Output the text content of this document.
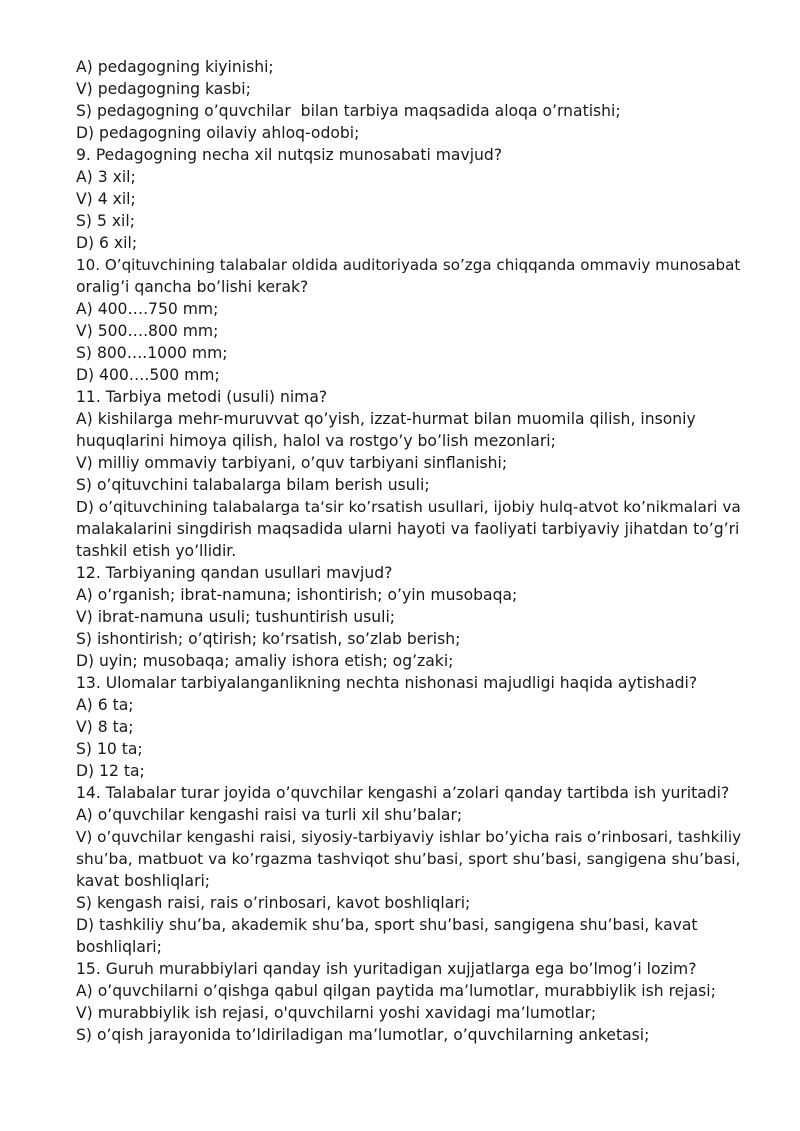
A) pedagogning kiyinishi;
V) pedagogning kasbi;
S) pedagogning o’quvchilar  bilan tarbiya maqsadida aloqa o’rnatishi;
D) pedagogning oilaviy ahloq-odobi;
9. Pedagogning necha xil nutqsiz munosabati mavjud?
A) 3 xil;
V) 4 xil;
S) 5 xil;
D) 6 xil;
10. O’qituvchining talabalar oldida auditoriyada so’zga chiqqanda ommaviy munosabat
oralig’i qancha bo’lishi kerak?
A) 400….750 mm;
V) 500….800 mm;
S) 800….1000 mm;
D) 400….500 mm;
11. Tarbiya metodi (usuli) nima?
A) kishilarga mehr-muruvvat qo’yish, izzat-hurmat bilan muomila qilish, insoniy
huquqlarini himoya qilish, halol va rostgo’y bo’lish mezonlari;
V) milliy ommaviy tarbiyani, o’quv tarbiyani sinflanishi;
S) o’qituvchini talabalarga bilam berish usuli;
D) o’qituvchining talabalarga ta‘sir ko’rsatish usullari, ijobiy hulq-atvot ko’nikmalari va
malakalarini singdirish maqsadida ularni hayoti va faoliyati tarbiyaviy jihatdan to’g’ri
tashkil etish yo’llidir.
12. Tarbiyaning qandan usullari mavjud?
A) o’rganish; ibrat-namuna; ishontirish; o’yin musobaqa;
V) ibrat-namuna usuli; tushuntirish usuli;
S) ishontirish; o’qtirish; ko’rsatish, so’zlab berish;
D) uyin; musobaqa; amaliy ishora etish; og’zaki;
13. Ulomalar tarbiyalanganlikning nechta nishonasi majudligi haqida aytishadi?
A) 6 ta;
V) 8 ta;
S) 10 ta;
D) 12 ta;
14. Talabalar turar joyida o’quvchilar kengashi a’zolari qanday tartibda ish yuritadi?
A) o’quvchilar kengashi raisi va turli xil shu’balar;
V) o’quvchilar kengashi raisi, siyosiy-tarbiyaviy ishlar bo’yicha rais o’rinbosari, tashkiliy
shu’ba, matbuot va ko’rgazma tashviqot shu’basi, sport shu’basi, sangigena shu’basi,
kavat boshliqlari;
S) kengash raisi, rais o’rinbosari, kavot boshliqlari;
D) tashkiliy shu’ba, akademik shu’ba, sport shu’basi, sangigena shu’basi, kavat
boshliqlari;
15. Guruh murabbiylari qanday ish yuritadigan xujjatlarga ega bo’lmog’i lozim?
A) o’quvchilarni o’qishga qabul qilgan paytida ma’lumotlar, murabbiylik ish rejasi;
V) murabbiylik ish rejasi, o'quvchilarni yoshi xavidagi ma’lumotlar;
S) o’qish jarayonida to’ldiriladigan ma’lumotlar, o’quvchilarning anketasi;
